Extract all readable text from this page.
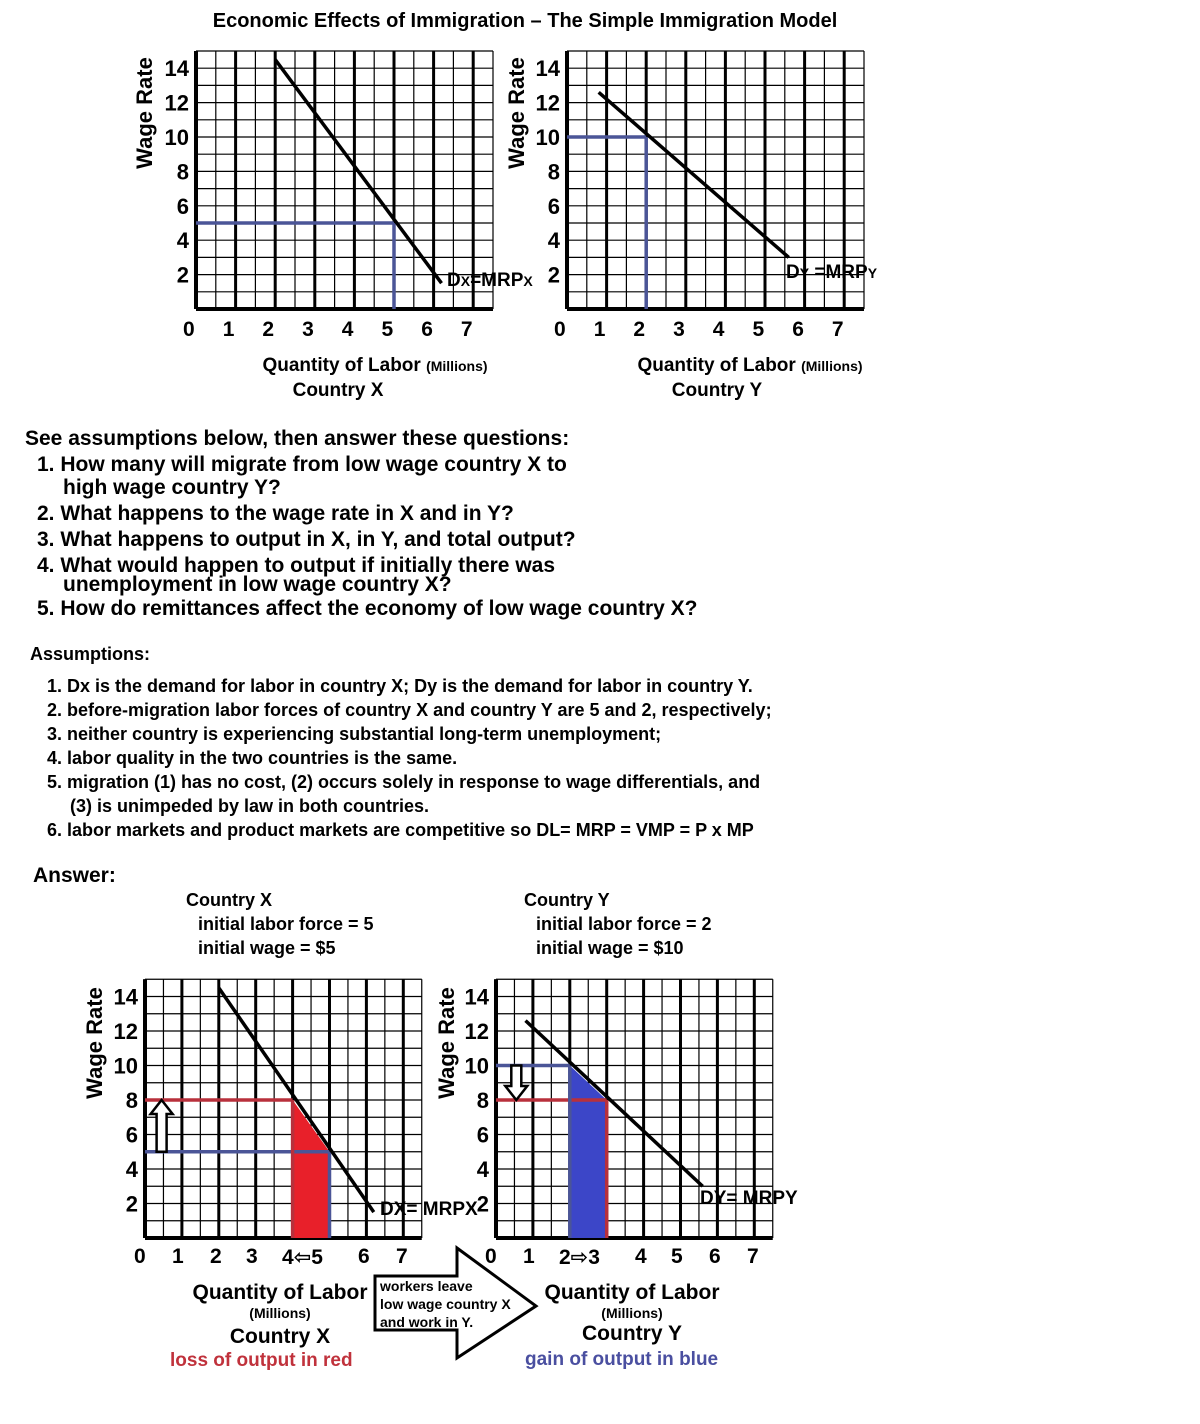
Economic Effects of Immigration – The Simple Immigration Model
Wage Rate 14
12
10
8
6
4
2
0 1 2 3 4 5 6 7
Quantity of Labor (Millions)
Country X
Wage Rate 14
12
10
8
6
4
2
0 1 2 3 4 5 6 7
Quantity of Labor (Millions)
Country Y
DX=MRPX	DY =MRPY
See assumptions below, then answer these questions:
1. How many will migrate from low wage country X to
high wage country Y?
2. What happens to the wage rate in X and in Y?
3. What happens to output in X, in Y, and total output?
4. What would happen to output if initially there was
unemployment in low wage country X?
5. How do remittances affect the economy of low wage country X?
Assumptions:
1. Dx is the demand for labor in country X; Dy is the demand for labor in country Y.
2. before-migration labor forces of country X and country Y are 5 and 2, respectively;
3. neither country is experiencing substantial long-term unemployment;
4. labor quality in the two countries is the same.
5. migration (1) has no cost, (2) occurs solely in response to wage differentials, and
(3) is unimpeded by law in both countries.
6. labor markets and product markets are competitive so DL= MRP = VMP = P x MP
Answer:
Country X
initial labor force = 5
initial wage = $5
Country Y
initial labor force = 2
initial wage = $10
Wage Rate 14
12
10
8
6
4
2
0 1 2 3 4⇦5 6 7
DX= MRPX
Wage Rate 14
12
10
8
6
4
2
0 1 2⇨3 4 5 6 7
DY= MRPY
Quantity of Labor
(Millions)
Country X
loss of output in red
Quantity of Labor
(Millions)
Country Y
gain of output in blue
workers leave
low wage country X
and work in Y.
